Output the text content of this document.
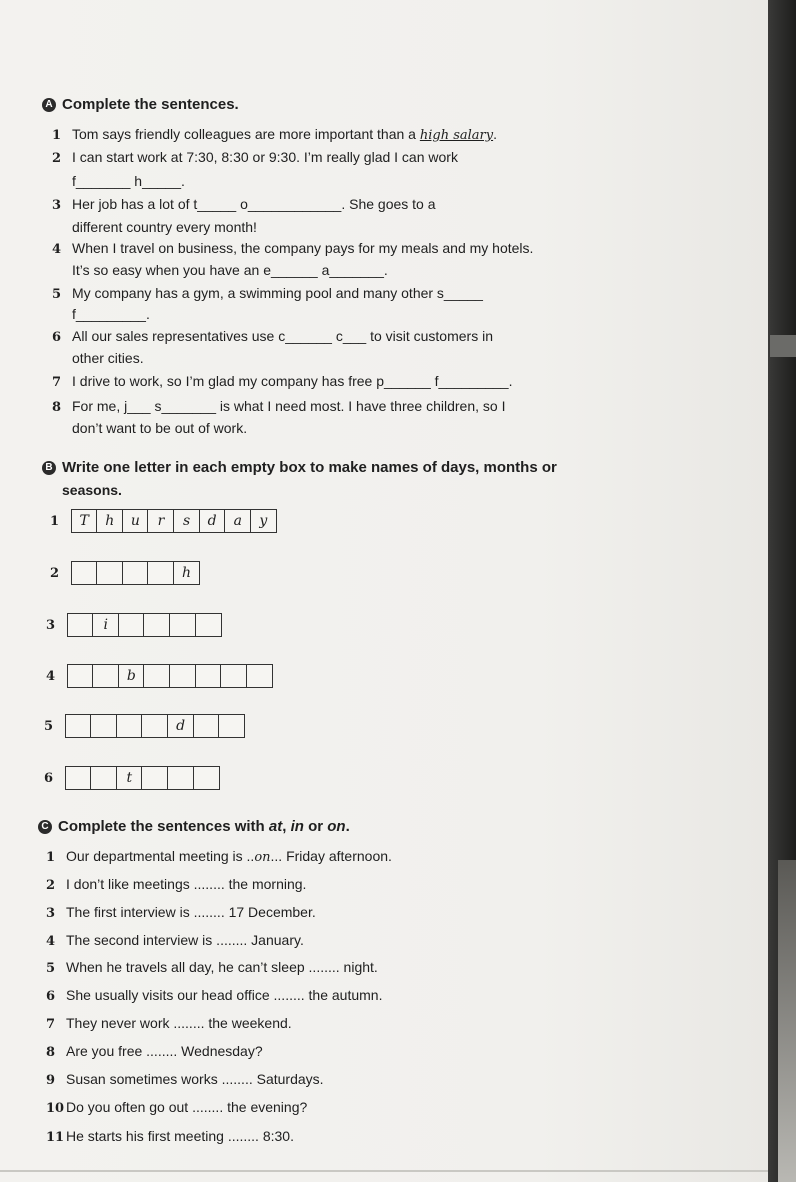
A Complete the sentences.
1 Tom says friendly colleagues are more important than a high salary.
2 I can start work at 7:30, 8:30 or 9:30. I’m really glad I can work
f_______ h_____.
3 Her job has a lot of t_____ o____________. She goes to a
different country every month!
4 When I travel on business, the company pays for my meals and my hotels.
It’s so easy when you have an e______ a_______.
5 My company has a gym, a swimming pool and many other s_____
f_________.
6 All our sales representatives use c______ c___ to visit customers in
other cities.
7 I drive to work, so I’m glad my company has free p______ f_________.
8 For me, j___ s_______ is what I need most. I have three children, so I
don’t want to be out of work.
B Write one letter in each empty box to make names of days, months or
seasons.
1	T h u r s d a y
2	h
3	i
4	b
5	d
6	t
C Complete the sentences with at, in or on.
1 Our departmental meeting is ..on... Friday afternoon.
2 I don’t like meetings ........ the morning.
3 The first interview is ........ 17 December.
4 The second interview is ........ January.
5 When he travels all day, he can’t sleep ........ night.
6 She usually visits our head office ........ the autumn.
7 They never work ........ the weekend.
8 Are you free ........ Wednesday?
9 Susan sometimes works ........ Saturdays.
10 Do you often go out ........ the evening?
11 He starts his first meeting ........ 8:30.
